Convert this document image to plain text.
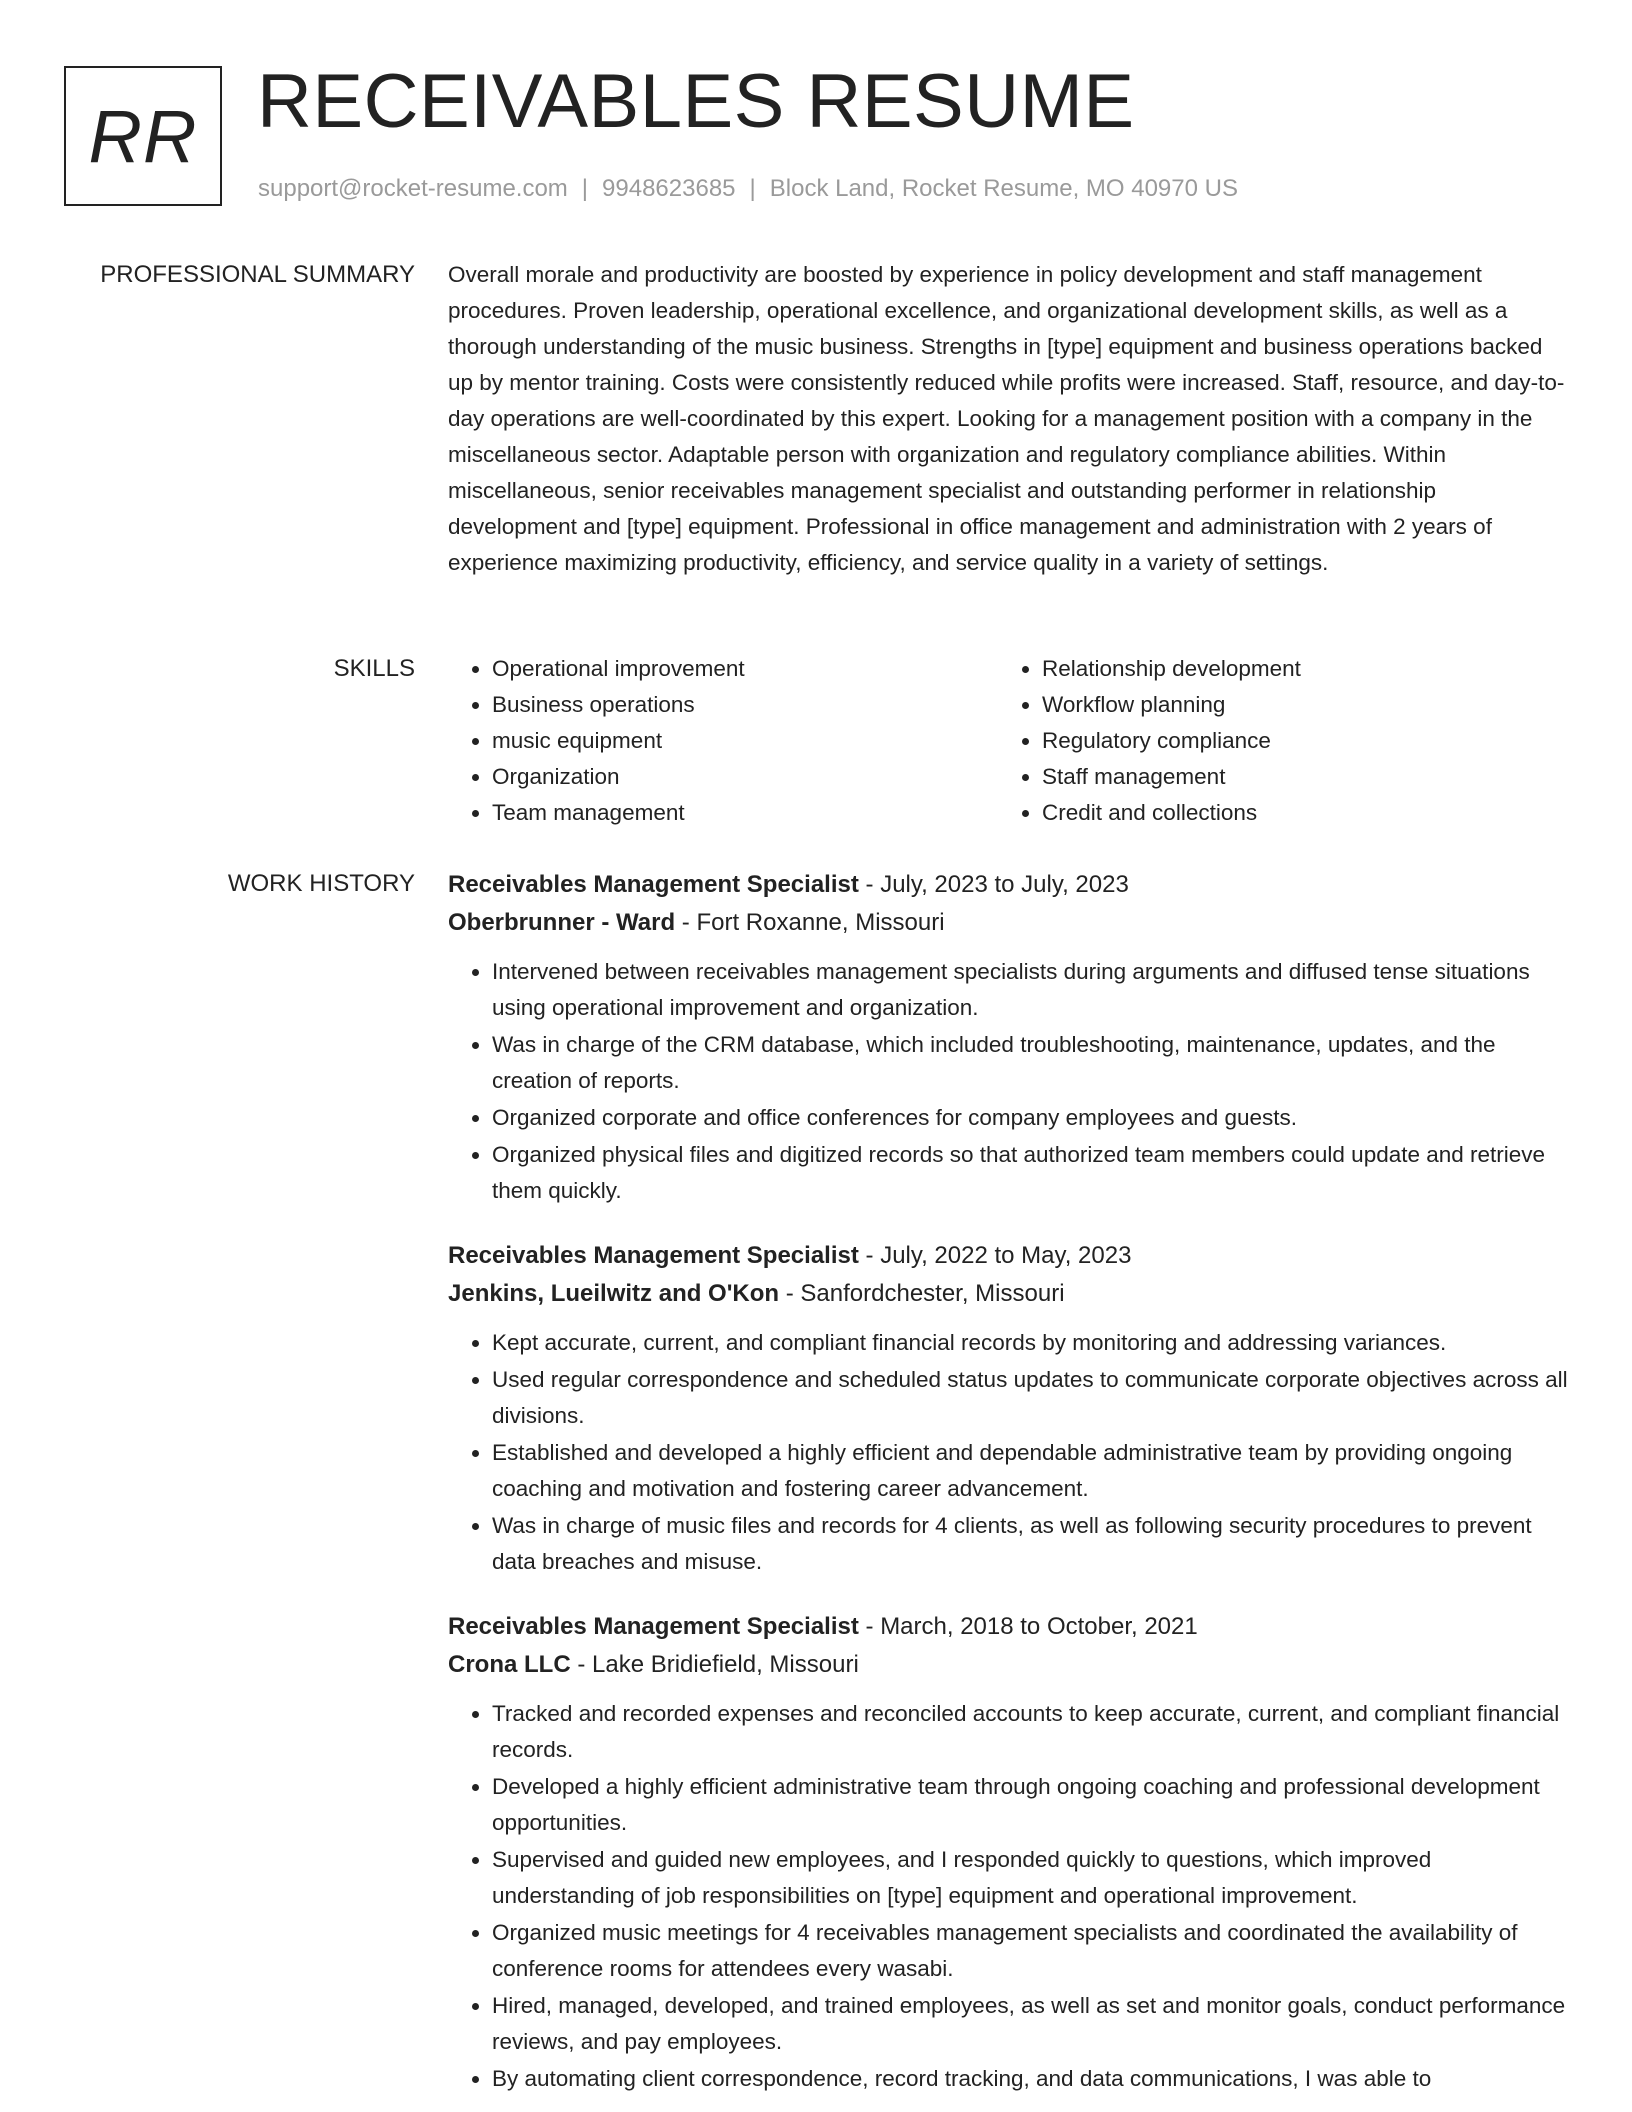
RR RECEIVABLES RESUME
support@rocket-resume.com | 9948623685 | Block Land, Rocket Resume, MO 40970 US
PROFESSIONAL SUMMARY Overall morale and productivity are boosted by experience in policy development and staff management procedures. Proven leadership, operational excellence, and organizational development skills, as well as a thorough understanding of the music business. Strengths in [type] equipment and business operations backed up by mentor training. Costs were consistently reduced while profits were increased. Staff, resource, and day-to-day operations are well-coordinated by this expert. Looking for a management position with a company in the miscellaneous sector. Adaptable person with organization and regulatory compliance abilities. Within miscellaneous, senior receivables management specialist and outstanding performer in relationship development and [type] equipment. Professional in office management and administration with 2 years of experience maximizing productivity, efficiency, and service quality in a variety of settings.

SKILLS
•	Operational improvement
• Business operations
• music equipment
• Organization
• Team management
• Relationship development
• Workflow planning
• Regulatory compliance
• Staff management
• Credit and collections
WORK HISTORY Receivables Management Specialist - July, 2023 to July, 2023
Oberbrunner - Ward - Fort Roxanne, Missouri
• Intervened between receivables management specialists during arguments and diffused tense situations using operational improvement and organization.
• Was in charge of the CRM database, which included troubleshooting, maintenance, updates, and the creation of reports.
• Organized corporate and office conferences for company employees and guests.
• Organized physical files and digitized records so that authorized team members could update and retrieve them quickly.
Receivables Management Specialist - July, 2022 to May, 2023
Jenkins, Lueilwitz and O'Kon - Sanfordchester, Missouri
• Kept accurate, current, and compliant financial records by monitoring and addressing variances.
• Used regular correspondence and scheduled status updates to communicate corporate objectives across all divisions.
• Established and developed a highly efficient and dependable administrative team by providing ongoing coaching and motivation and fostering career advancement.
• Was in charge of music files and records for 4 clients, as well as following security procedures to prevent data breaches and misuse.
Receivables Management Specialist - March, 2018 to October, 2021
Crona LLC - Lake Bridiefield, Missouri
• Tracked and recorded expenses and reconciled accounts to keep accurate, current, and compliant financial records.
• Developed a highly efficient administrative team through ongoing coaching and professional development opportunities.
• Supervised and guided new employees, and I responded quickly to questions, which improved understanding of job responsibilities on [type] equipment and operational improvement.
• Organized music meetings for 4 receivables management specialists and coordinated the availability of conference rooms for attendees every wasabi.
• Hired, managed, developed, and trained employees, as well as set and monitor goals, conduct performance reviews, and pay employees.
• By automating client correspondence, record tracking, and data communications, I was able to
